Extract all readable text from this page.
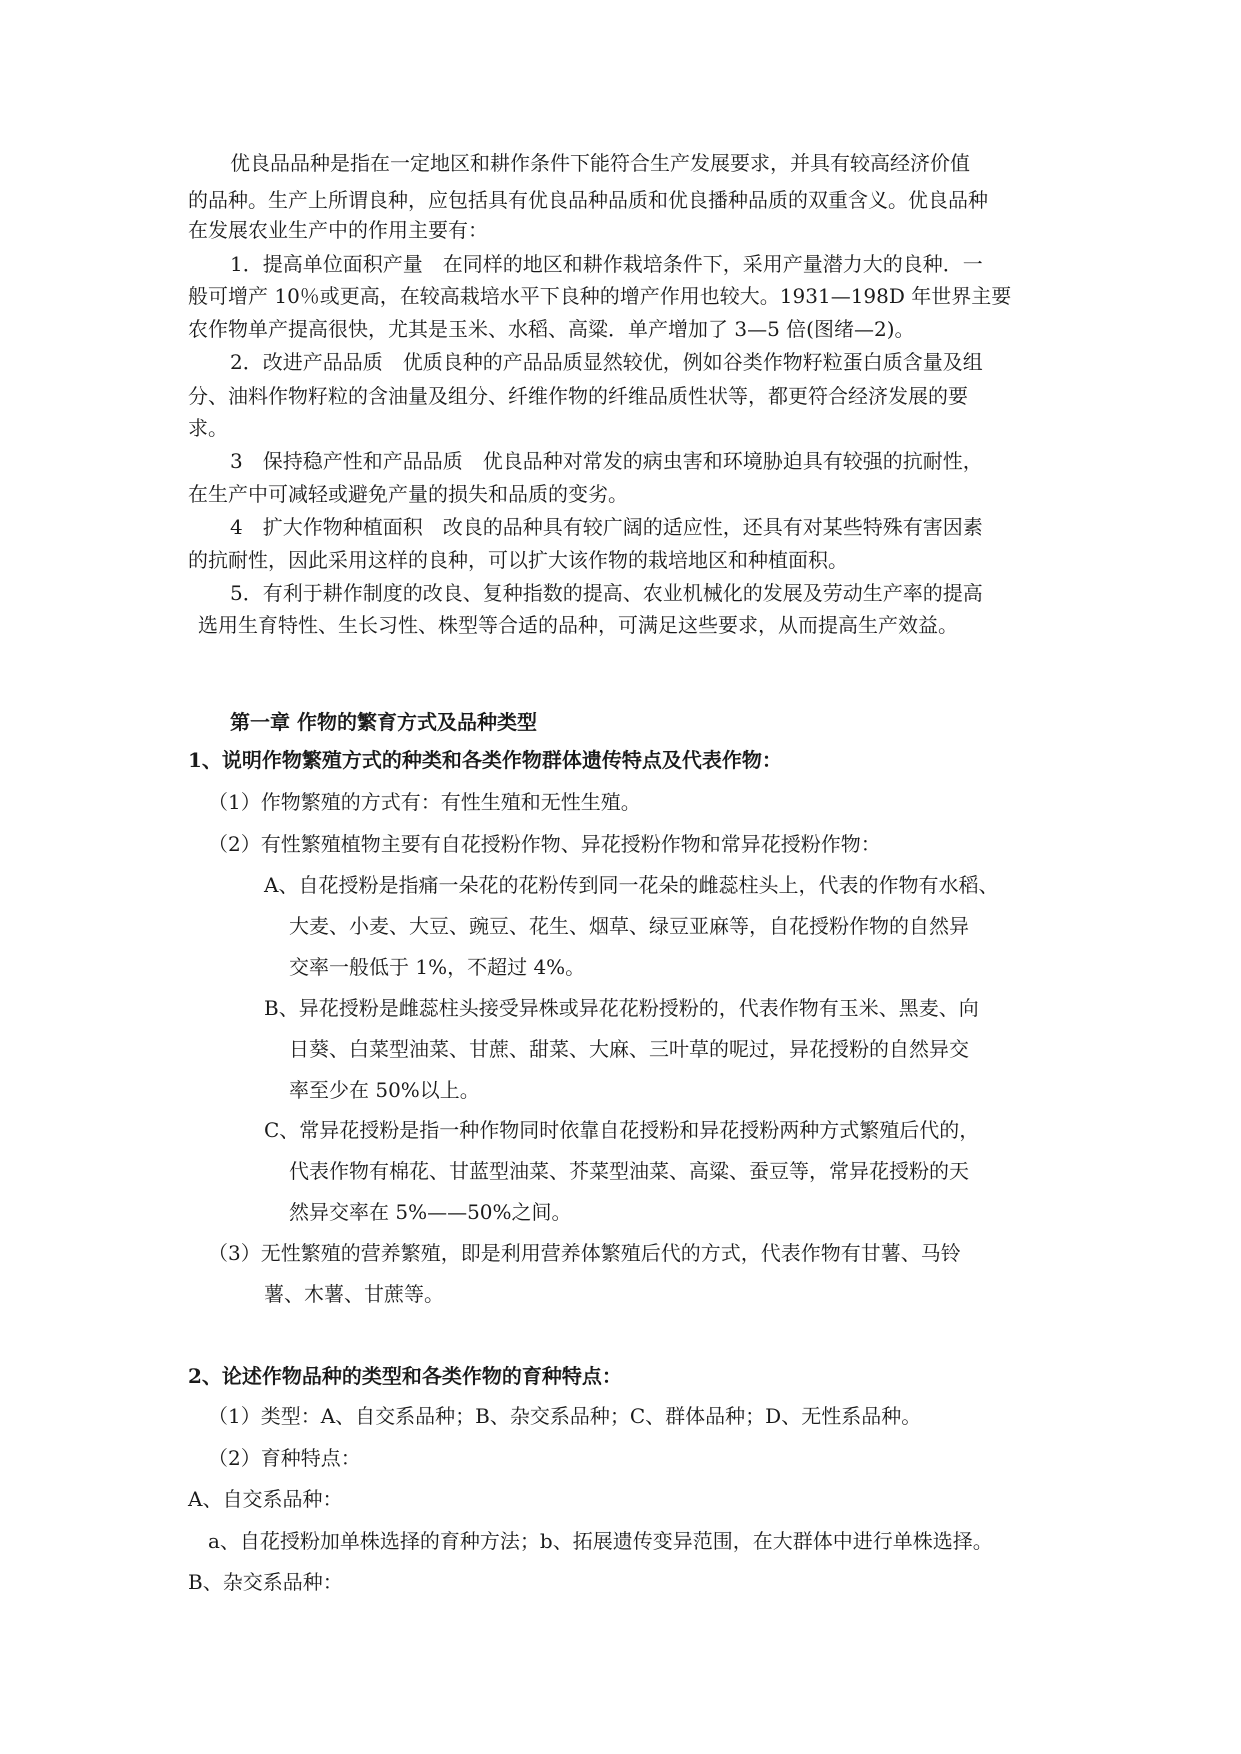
优良品品种是指在一定地区和耕作条件下能符合生产发展要求，并具有较高经济价值
的品种。生产上所谓良种，应包括具有优良品种品质和优良播种品质的双重含义。优良品种
在发展农业生产中的作用主要有：
1．提高单位面积产量　在同样的地区和耕作栽培条件下，采用产量潜力大的良种．一
般可增产 10％或更高，在较高栽培水平下良种的增产作用也较大。1931—198D 年世界主要
农作物单产提高很快，尤其是玉米、水稻、高粱．单产增加了 3—5 倍(图绪—2)。
2．改进产品品质　优质良种的产品品质显然较优，例如谷类作物籽粒蛋白质含量及组
分、油料作物籽粒的含油量及组分、纤维作物的纤维品质性状等，都更符合经济发展的要
求。
3　保持稳产性和产品品质　优良品种对常发的病虫害和环境胁迫具有较强的抗耐性，
在生产中可减轻或避免产量的损失和品质的变劣。
4　扩大作物种植面积　改良的品种具有较广阔的适应性，还具有对某些特殊有害因素
的抗耐性，因此采用这样的良种，可以扩大该作物的栽培地区和种植面积。
5．有利于耕作制度的改良、复种指数的提高、农业机械化的发展及劳动生产率的提高
选用生育特性、生长习性、株型等合适的品种，可满足这些要求，从而提高生产效益。
第一章 作物的繁育方式及品种类型
1、说明作物繁殖方式的种类和各类作物群体遗传特点及代表作物：
（1）作物繁殖的方式有：有性生殖和无性生殖。
（2）有性繁殖植物主要有自花授粉作物、异花授粉作物和常异花授粉作物：
A、自花授粉是指痛一朵花的花粉传到同一花朵的雌蕊柱头上，代表的作物有水稻、
大麦、小麦、大豆、豌豆、花生、烟草、绿豆亚麻等，自花授粉作物的自然异
交率一般低于 1%，不超过 4%。
B、异花授粉是雌蕊柱头接受异株或异花花粉授粉的，代表作物有玉米、黑麦、向
日葵、白菜型油菜、甘蔗、甜菜、大麻、三叶草的呢过，异花授粉的自然异交
率至少在 50%以上。
C、常异花授粉是指一种作物同时依靠自花授粉和异花授粉两种方式繁殖后代的，
代表作物有棉花、甘蓝型油菜、芥菜型油菜、高粱、蚕豆等，常异花授粉的天
然异交率在 5%——50%之间。
（3）无性繁殖的营养繁殖，即是利用营养体繁殖后代的方式，代表作物有甘薯、马铃
薯、木薯、甘蔗等。
2、论述作物品种的类型和各类作物的育种特点：
（1）类型：A、自交系品种；B、杂交系品种；C、群体品种；D、无性系品种。
（2）育种特点：
A、自交系品种：
a、自花授粉加单株选择的育种方法；b、拓展遗传变异范围，在大群体中进行单株选择。
B、杂交系品种：
